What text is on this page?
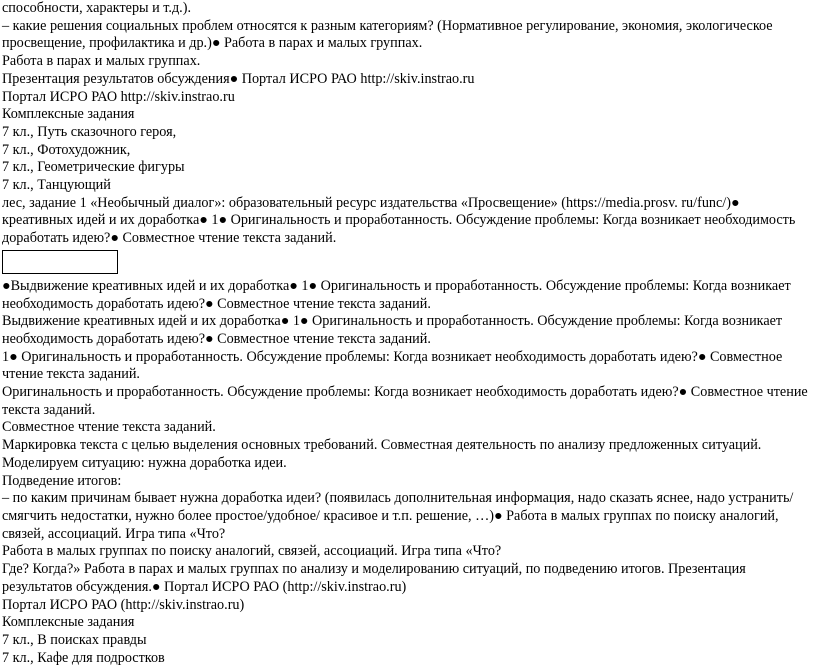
способности, характеры и т.д.).

– какие решения социальных проблем относятся к разным категориям? (Нормативное регулирование, экономия, экологическое просвещение, профилактика и др.)● Работа в парах и малых группах.

Работа в парах и малых группах.

Презентация результатов обсуждения● Портал ИСРО РАО http://skiv.instrao.ru

Портал ИСРО РАО http://skiv.instrao.ru

Комплексные задания

7 кл., Путь сказочного героя,

7 кл., Фотохудожник,

7 кл., Геометрические фигуры

7 кл., Танцующий

лес, задание 1 «Необычный диалог»: образовательный ресурс издательства «Просвещение» (https://media.prosv. ru/func/)● креативных идей и их доработка● 1● Оригинальность и проработанность. Обсуждение проблемы: Когда возникает необходимость доработать идею?● Совместное чтение текста заданий.

●Выдвижение креативных идей и их доработка● 1● Оригинальность и проработанность. Обсуждение проблемы: Когда возникает необходимость доработать идею?● Совместное чтение текста заданий.

Выдвижение креативных идей и их доработка● 1● Оригинальность и проработанность. Обсуждение проблемы: Когда возникает необходимость доработать идею?● Совместное чтение текста заданий.

1● Оригинальность и проработанность. Обсуждение проблемы: Когда возникает необходимость доработать идею?● Совместное чтение текста заданий.

Оригинальность и проработанность. Обсуждение проблемы: Когда возникает необходимость доработать идею?● Совместное чтение текста заданий.

Совместное чтение текста заданий.

Маркировка текста с целью выделения основных требований. Совместная деятельность по анализу предложенных ситуаций. Моделируем ситуацию: нужна доработка идеи.

Подведение итогов:

– по каким причинам бывает нужна доработка идеи? (появилась дополнительная информация, надо сказать яснее, надо устранить/ смягчить недостатки, нужно более простое/удобное/ красивое и т.п. решение, …)● Работа в малых группах по поиску аналогий, связей, ассоциаций. Игра типа «Что?

Работа в малых группах по поиску аналогий, связей, ассоциаций. Игра типа «Что?

Где? Когда?» Работа в парах и малых группах по анализу и моделированию ситуаций, по подведению итогов. Презентация результатов обсуждения.● Портал ИСРО РАО (http://skiv.instrao.ru)

Портал ИСРО РАО (http://skiv.instrao.ru)

Комплексные задания

7 кл., В поисках правды

7 кл., Кафе для подростков
